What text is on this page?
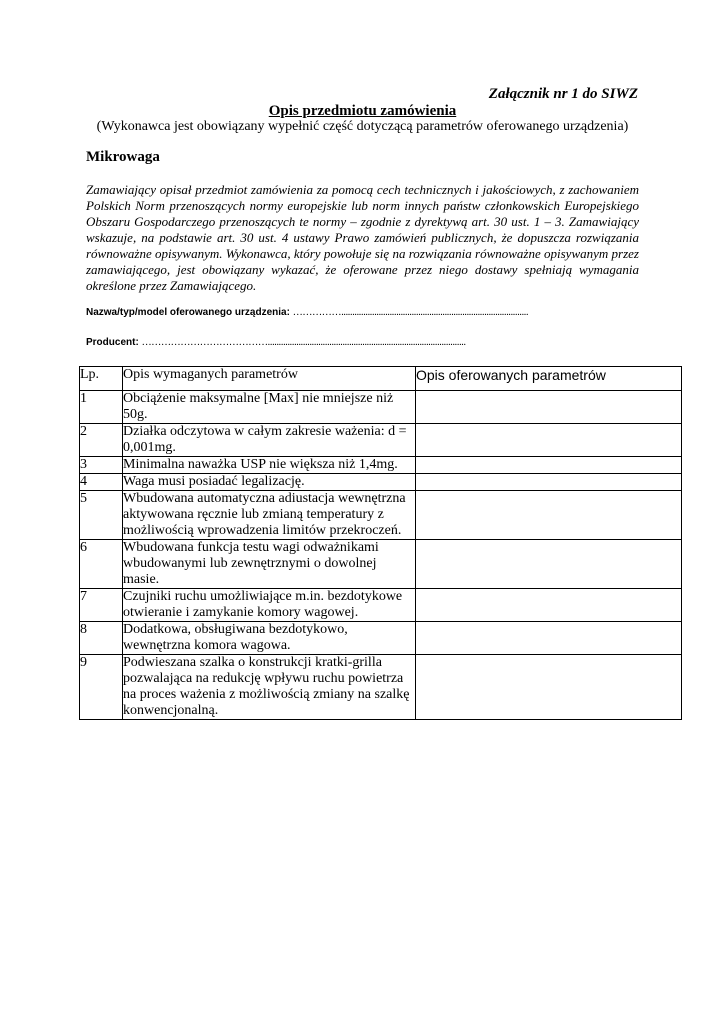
Załącznik nr 1 do SIWZ
Opis przedmiotu zamówienia
(Wykonawca jest obowiązany wypełnić część dotyczącą parametrów oferowanego urządzenia)
Mikrowaga
Zamawiający opisał przedmiot zamówienia za pomocą cech technicznych i jakościowych, z zachowaniem Polskich Norm przenoszących normy europejskie lub norm innych państw członkowskich Europejskiego Obszaru Gospodarczego przenoszących te normy – zgodnie z dyrektywą art. 30 ust. 1 – 3. Zamawiający wskazuje, na podstawie art. 30 ust. 4 ustawy Prawo zamówień publicznych, że dopuszcza rozwiązania równoważne opisywanym. Wykonawca, który powołuje się na rozwiązania równoważne opisywanym przez zamawiającego, jest obowiązany wykazać, że oferowane przez niego dostawy spełniają wymagania określone przez Zamawiającego.
Nazwa/typ/model oferowanego urządzenia: …………….....................................................................................
Producent: …………………………………..........................................................................................
Lp.	Opis wymaganych parametrów	Opis oferowanych parametrów
1	Obciążenie maksymalne [Max] nie mniejsze niż 50g.	
2	Działka odczytowa w całym zakresie ważenia: d = 0,001mg.	
3	Minimalna naważka USP nie większa niż 1,4mg.	
4	Waga musi posiadać legalizację.	
5	Wbudowana automatyczna adiustacja wewnętrzna aktywowana ręcznie lub zmianą temperatury z możliwością wprowadzenia limitów przekroczeń.	
6	Wbudowana funkcja testu wagi odważnikami wbudowanymi lub zewnętrznymi o dowolnej masie.	
7	Czujniki ruchu umożliwiające m.in. bezdotykowe otwieranie i zamykanie komory wagowej.	
8	Dodatkowa, obsługiwana bezdotykowo, wewnętrzna komora wagowa.	
9	Podwieszana szalka o konstrukcji kratki-grilla pozwalająca na redukcję wpływu ruchu powietrza na proces ważenia z możliwością zmiany na szalkę konwencjonalną.	
